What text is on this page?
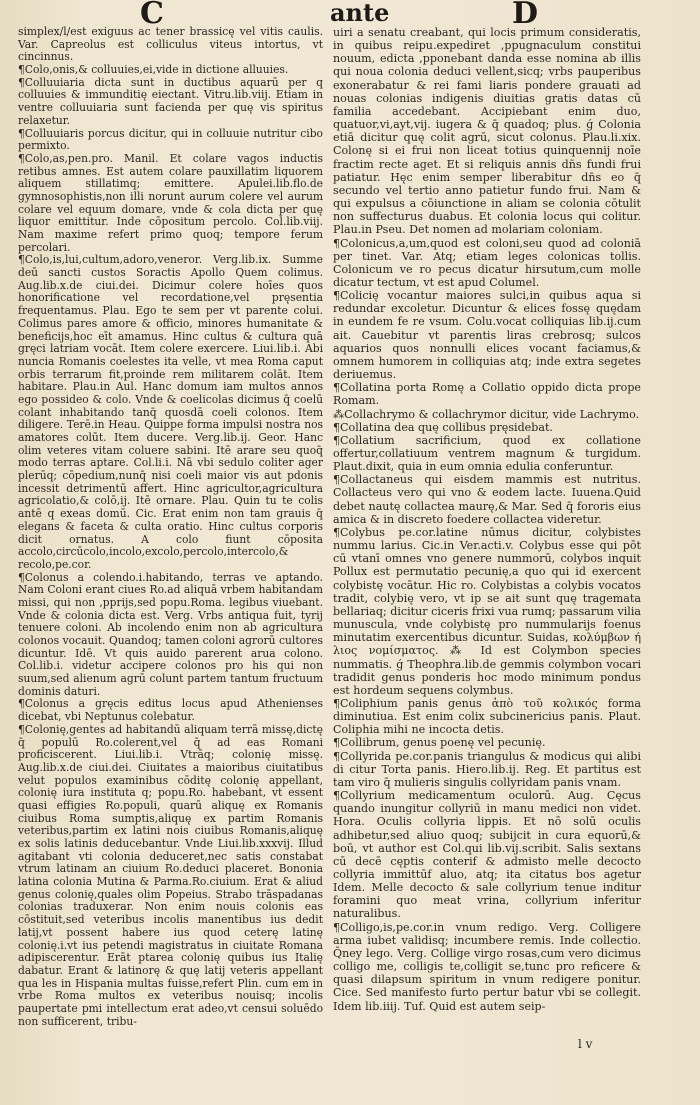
C	ante	D

simplex/l/est exiguus ac tener brassicę vel vitis caulis. Var. Capreolus est colliculus viteus intortus, vt cincinnus.

¶Colo,onis,& colluuies,ei,vide in dictione alluuies.

¶Colluuiaria dicta sunt in ductibus aquarū per q colluuies & immunditię eiectant. Vitru.lib.viij. Etiam in ventre colluuiaria sunt facienda per quę vis spiritus relaxetur.

¶Colluuiaris porcus dicitur, qui in colluuie nutritur cibo permixto.

¶Colo,as,pen.pro. Manil. Et colare vagos inductis retibus amnes. Est autem colare pauxillatim liquorem aliquem stillatimq; emittere. Apulei.lib.flo.de gymnosophistis,non illi norunt aurum colere vel aurum colare vel equum domare, vnde & cola dicta per quę liquor emittitur. Inde cōpositum percolo. Col.lib.viij. Nam maxime refert primo quoq; tempore ferum percolari.

¶Colo,is,lui,cultum,adoro,veneror. Verg.lib.ix. Summe deū sancti custos Soractis Apollo Quem colimus. Aug.lib.x.de ciui.dei. Dicimur colere hoīes quos honorificatione vel recordatione,vel pręsentia frequentamus. Plau. Ego te sem per vt parente colui. Colimus pares amore & officio, minores humanitate & beneficijs,hoc eīt amamus. Hinc cultus & cultura quā gręci latriam vocāt. Item colere exercere. Liui.lib.i. Abi nuncia Romanis coelestes ita velle, vt mea Roma caput orbis terrarum fit,proinde rem militarem colāt. Item habitare. Plau.in Aul. Hanc domum iam multos annos ego possideo & colo. Vnde & coelicolas dicimus q̄ coelū colant inhabitando tanq̄ quosdā coeli colonos. Item diligere. Terē.in Heau. Quippe forma impulsi nostra nos amatores colūt. Item ducere. Verg.lib.ij. Geor. Hanc olim veteres vitam coluere sabini. Itē arare seu quoq̄ modo terras aptare. Col.li.i. Nā vbi sedulo coliter ager plerūq; cōpedium,nunq̄ nisi coeli maior vis aut pdonis incessit detrimentū affert. Hinc agricultor,agricultura agricolatio,& colō,ij. Itē ornare. Plau. Quin tu te colis antē q exeas domū. Cic. Erat enim non tam grauis q̄ elegans & faceta & culta oratio. Hinc cultus corporis dicit ornatus. A colo fiunt cōposita accolo,circūcolo,incolo,excolo,percolo,intercolo,& recolo,pe.cor.

¶Colonus a colendo.i.habitando, terras ve aptando. Nam Coloni erant ciues Ro.ad aliquā vrbem habitandam missi, qui non ,pprijs,sed popu.Roma. legibus viuebant. Vnde & colonia dicta est. Verg. Vrbs antiqua fuit, tyrij tenuere coloni. Ab incolendo enim non ab agricultura colonos vocauit. Quandoq; tamen coloni agrorū cultores dicuntur. Idē. Vt quis auido parerent arua colono. Col.lib.i. videtur accipere colonos pro his qui non suum,sed alienum agrū colunt partem tantum fructuum dominis daturi.

¶Colonus a gręcis editus locus apud Athenienses dicebat, vbi Neptunus colebatur.

¶Colonię,gentes ad habitandū aliquam terrā missę,dictę q̄ populū Ro.colerent,vel q̄ ad eas Romani proficiscerent. Liui.lib.i. Vtrāq; colonię missę. Aug.lib.x.de ciui.dei. Ciuitates a maioribus ciuitatibus velut populos examinibus cōditę colonię appellant, colonię iura instituta q; popu.Ro. habebant, vt essent quasi effigies Ro.populi, quarū aliquę ex Romanis ciuibus Roma sumptis,aliquę ex partim Romanis veteribus,partim ex latini nois ciuibus Romanis,aliquę ex solis latinis deducebantur. Vnde Liui.lib.xxxvij. Illud agitabant vti colonia deduceret,nec satis constabat vtrum latinam an ciuium Ro.deduci placeret. Bononia latina colonia Mutina & Parma.Ro.ciuium. Erat & aliud genus colonię,quales olim Popeius. Strabo trāspadanas colonias traduxerar. Non enim nouis colonis eas cōstituit,sed veteribus incolis manentibus ius dedit latij,vt possent habere ius quod ceterę latinę colonię.i.vt ius petendi magistratus in ciuitate Romana adipiscerentur. Erāt ptarea colonię quibus ius Italię dabatur. Erant & latinorę & quę latij veteris appellant qua les in Hispania multas fuisse,refert Plin. cum em in vrbe Roma multos ex veteribus nouisq; incolis paupertate pmi intellectum erat adeo,vt censui soluēdo non sufficerent, tribu-

uiri a senatu creabant, qui locis primum consideratis, in quibus reipu.expediret ,ppugnaculum constitui nouum, edicta ,pponebant danda esse nomina ab illis qui noua colonia deduci vellent,sicq; vrbs pauperibus exonerabatur & rei fami liaris pondere grauati ad nouas colonias indigenis diuitias gratis datas cū familia accedebant. Accipiebant enim duo, quatuor,vi,ayt,vij. iugera & q̄ quadoq; plus. ǵ Colonia etiā dicitur quę colit agrū, sicut colonus. Plau.li.xix. Colonę si ei frui non liceat totius quinquennij noīe fractim recte aget. Et si reliquis annis dn̄s fundi frui patiatur. Hęc enim semper liberabitur dn̄s eo q̄ secundo vel tertio anno patietur fundo frui. Nam & qui expulsus a cōiunctione in aliam se colonia cōtulit non suffecturus duabus. Et colonia locus qui colitur. Plau.in Pseu. Det nomen ad molariam coloniam.

¶Colonicus,a,um,quod est coloni,seu quod ad coloniā per tinet. Var. Atq; etiam leges colonicas tollis. Colonicum ve ro pecus dicatur hirsutum,cum molle dicatur tectum, vt est apud Columel.

¶Colicię vocantur maiores sulci,in quibus aqua si redundar excoletur. Dicuntur & elices fossę quędam in eundem fe re vsum. Colu.vocat colliquias lib.ij.cum ait. Cauebitur vt parentis liras crebrosq; sulcos aquarios quos nonnulli elices vocant faciamus,& omnem humorem in colliquias atq; inde extra segetes deriuemus.

¶Collatina porta Romę a Collatio oppido dicta prope Romam.

⁂Collachrymo & collachrymor dicitur, vide Lachrymo.

¶Collatina dea quę collibus pręsidebat.

¶Collatium sacrificium, quod ex collatione offertur,collatiuum ventrem magnum & turgidum. Plaut.dixit, quia in eum omnia edulia conferuntur.

¶Collactaneus qui eisdem mammis est nutritus. Collacteus vero qui vno & eodem lacte. Iuuena.Quid debet nautę collactea maurę,& Mar. Sed q̄ fororis eius amica & in discreto foedere collactea videretur.

¶Colybus pe.cor.latine nūmus dicitur, colybistes nummu larius. Cic.in Ver.acti.v. Colybus esse qui pōt cū vtanī omnes vno genere nummorū, colybos inquit Pollux est permutatio pecunię,a quo qui id exercent colybistę vocātur. Hic ro. Colybistas a colybis vocatos tradit, colybię vero, vt ip se ait sunt quę tragemata bellariaq; dicitur ciceris frixi vua rumq; passarum vilia munuscula, vnde colybistę pro nummularijs foenus minutatim exercentibus dicuntur. Suidas, κολύμβων ή λιος νομίσματος. ⁂ Id est Colymbon species nummatis. ǵ Theophra.lib.de gemmis colymbon vocari tradidit genus ponderis hoc modo minimum pondus est hordeum sequens colymbus.

¶Coliphium panis genus ἀπὸ τοῦ κολικός forma diminutiua. Est enim colix subcinericius panis. Plaut. Coliphia mihi ne incocta detis.

¶Collibrum, genus poenę vel pecunię.

¶Collyrida pe.cor.panis triangulus & modicus qui alibi di citur Torta panis. Hiero.lib.ij. Reg. Et partitus est tam viro q̄ mulieris singulis collyridam panis vnam.

¶Collyrium medicamentum oculorū. Aug. Cęcus quando inungitur collyriū in manu medici non videt. Hora. Oculis collyria lippis. Et nō solū oculis adhibetur,sed aliuo quoq; subijcit in cura equorū,& boū, vt author est Col.qui lib.vij.scribit. Salis sextans cū decē cęptis conterif & admisto melle decocto collyria immittūf aluo, atq; ita citatus bos agetur Idem. Melle decocto & sale collyrium tenue inditur foramini quo meat vrina, collyrium inferitur naturalibus.

¶Colligo,is,pe.cor.in vnum redigo. Verg. Colligere arma iubet validisq; incumbere remis. Inde collectio. Q̄ney lego. Verg. Collige virgo rosas,cum vero dicimus colligo me, colligis te,colligit se,tunc pro reficere & quasi dilapsum spiritum in vnum redigere ponitur. Cice. Sed manifesto furto pertur batur vbi se collegit. Idem lib.iiij. Tuf. Quid est autem seip-

l v
